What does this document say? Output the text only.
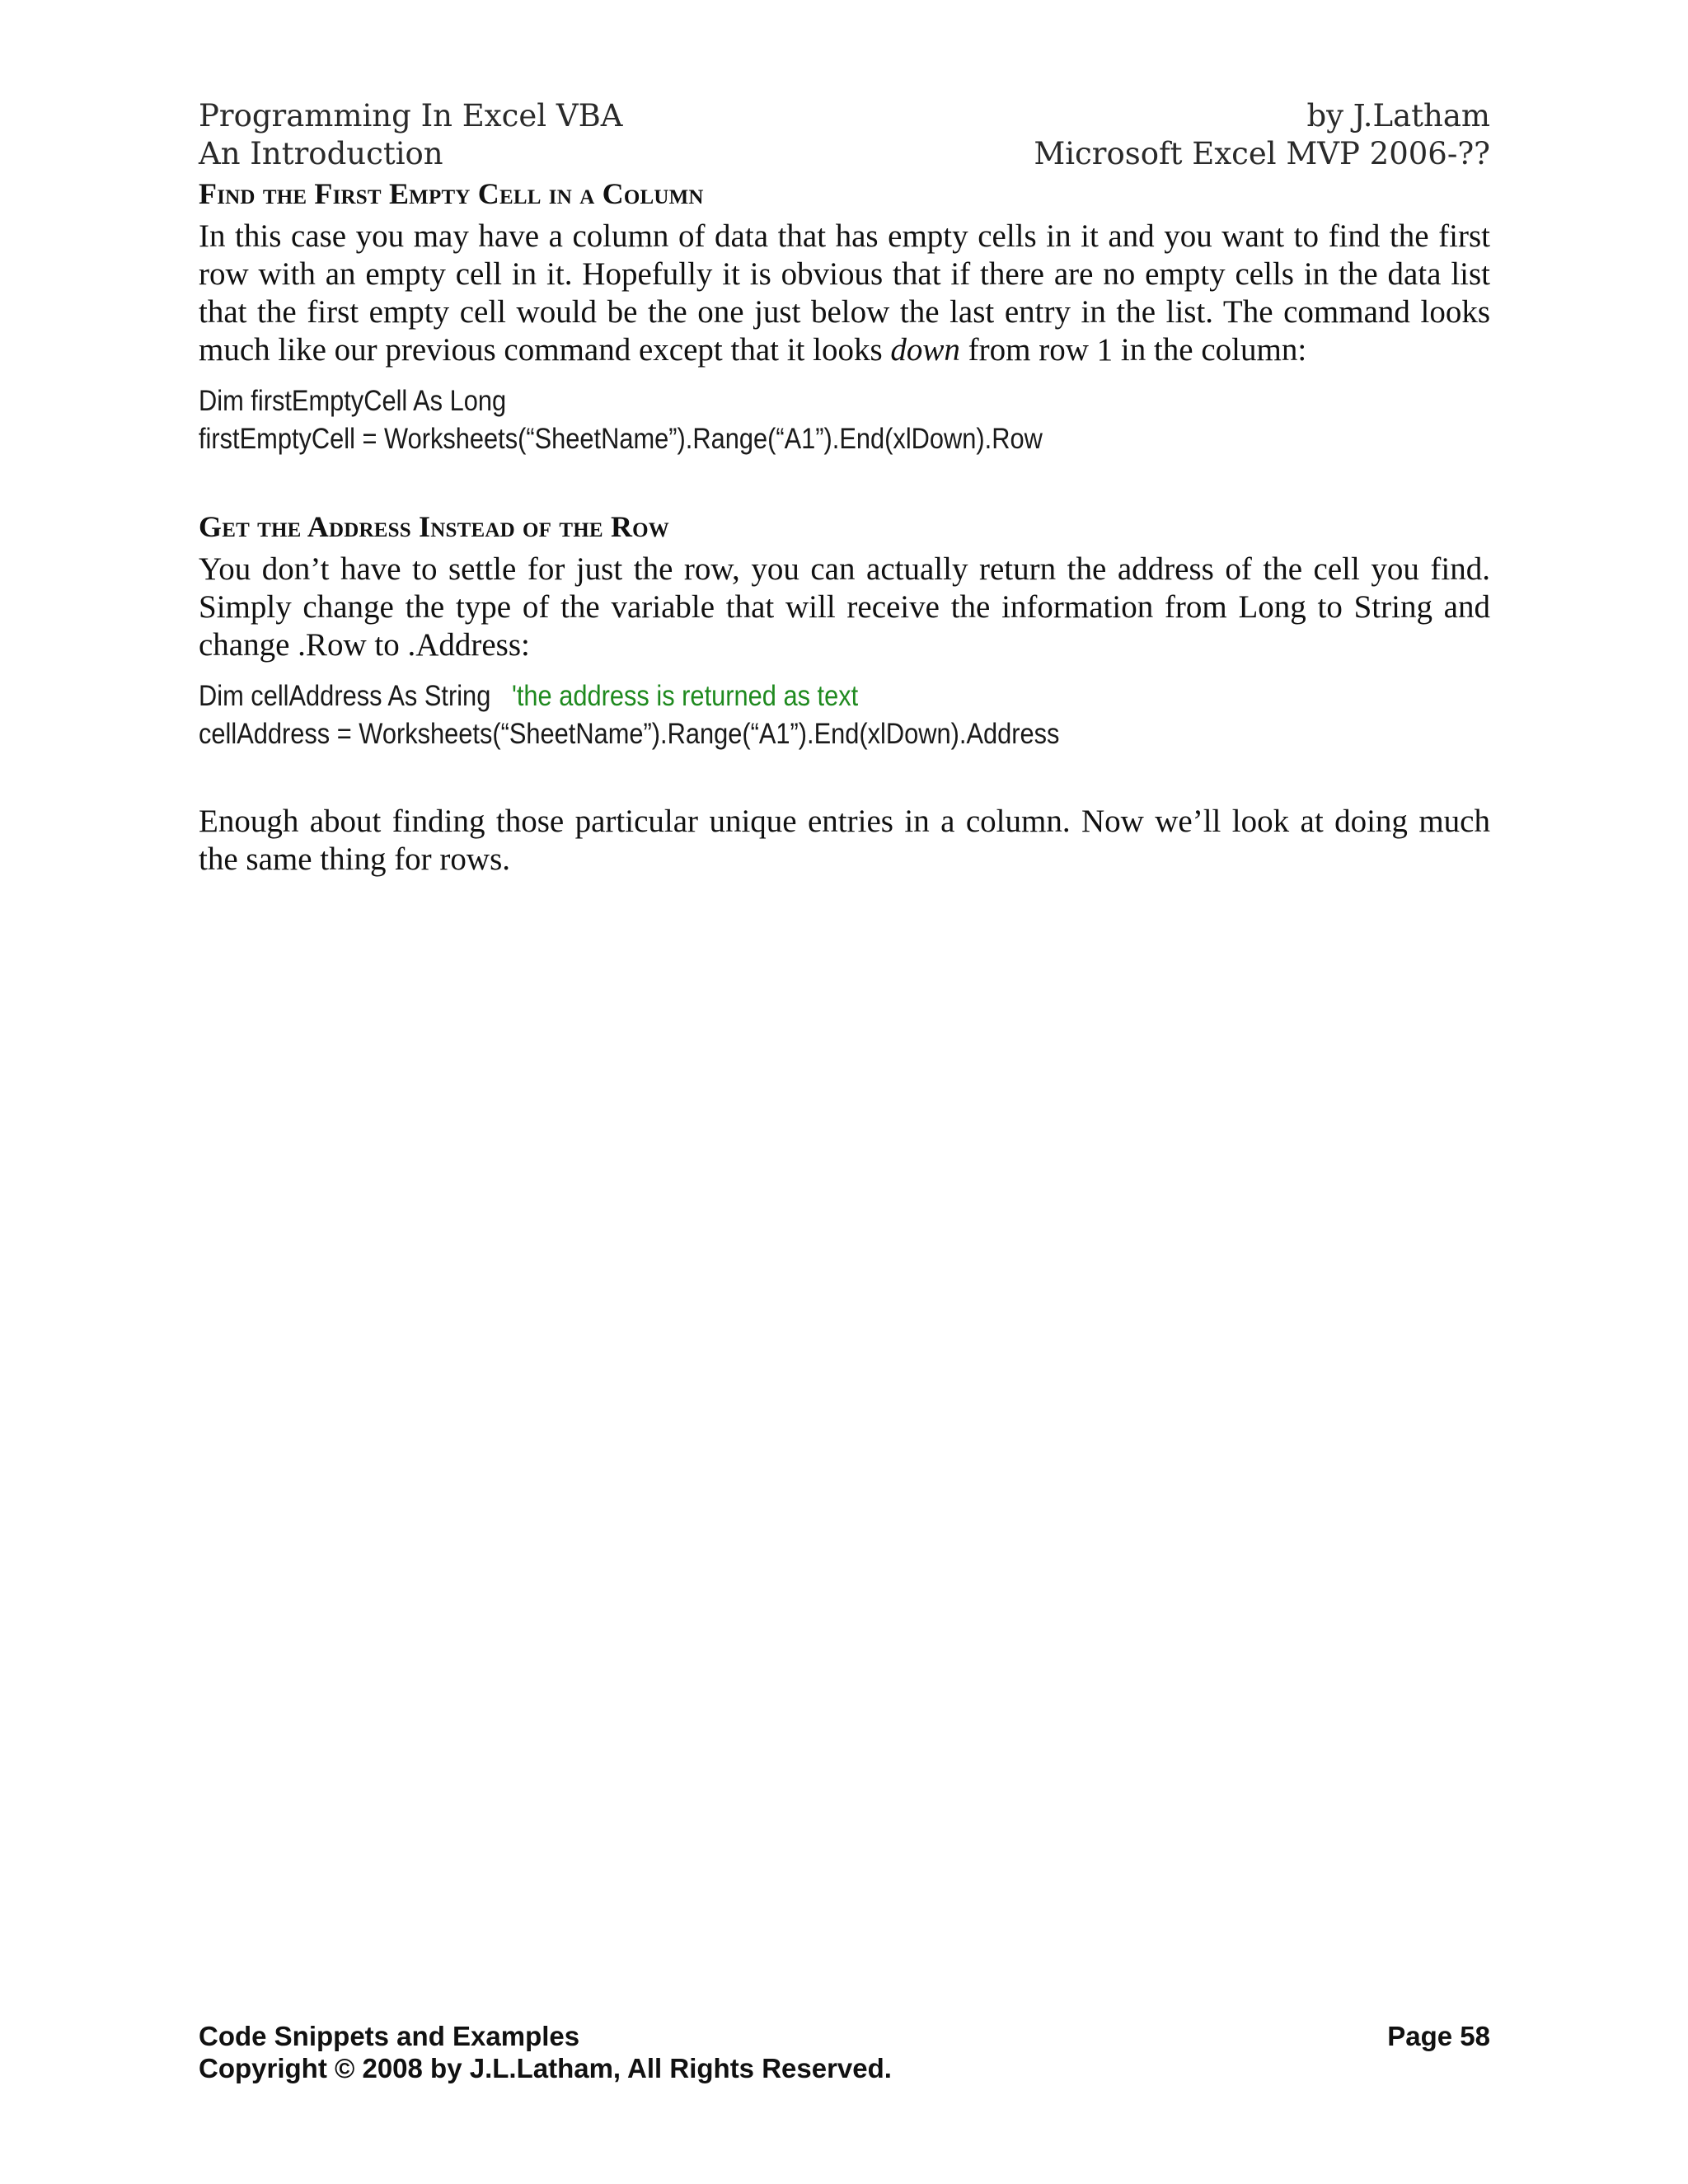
Programming In Excel VBA	by J.Latham
An Introduction	Microsoft Excel MVP 2006-??
Find the First Empty Cell in a Column
In this case you may have a column of data that has empty cells in it and you want to find the first row with an empty cell in it. Hopefully it is obvious that if there are no empty cells in the data list that the first empty cell would be the one just below the last entry in the list. The command looks much like our previous command except that it looks down from row 1 in the column:
Dim firstEmptyCell As Long
firstEmptyCell = Worksheets(“SheetName”).Range(“A1”).End(xlDown).Row
Get the Address Instead of the Row
You don’t have to settle for just the row, you can actually return the address of the cell you find. Simply change the type of the variable that will receive the information from Long to String and change .Row to .Address:
Dim cellAddress As String   'the address is returned as text
cellAddress = Worksheets(“SheetName”).Range(“A1”).End(xlDown).Address
Enough about finding those particular unique entries in a column. Now we’ll look at doing much the same thing for rows.
Code Snippets and Examples	Page 58
Copyright © 2008 by J.L.Latham, All Rights Reserved.
